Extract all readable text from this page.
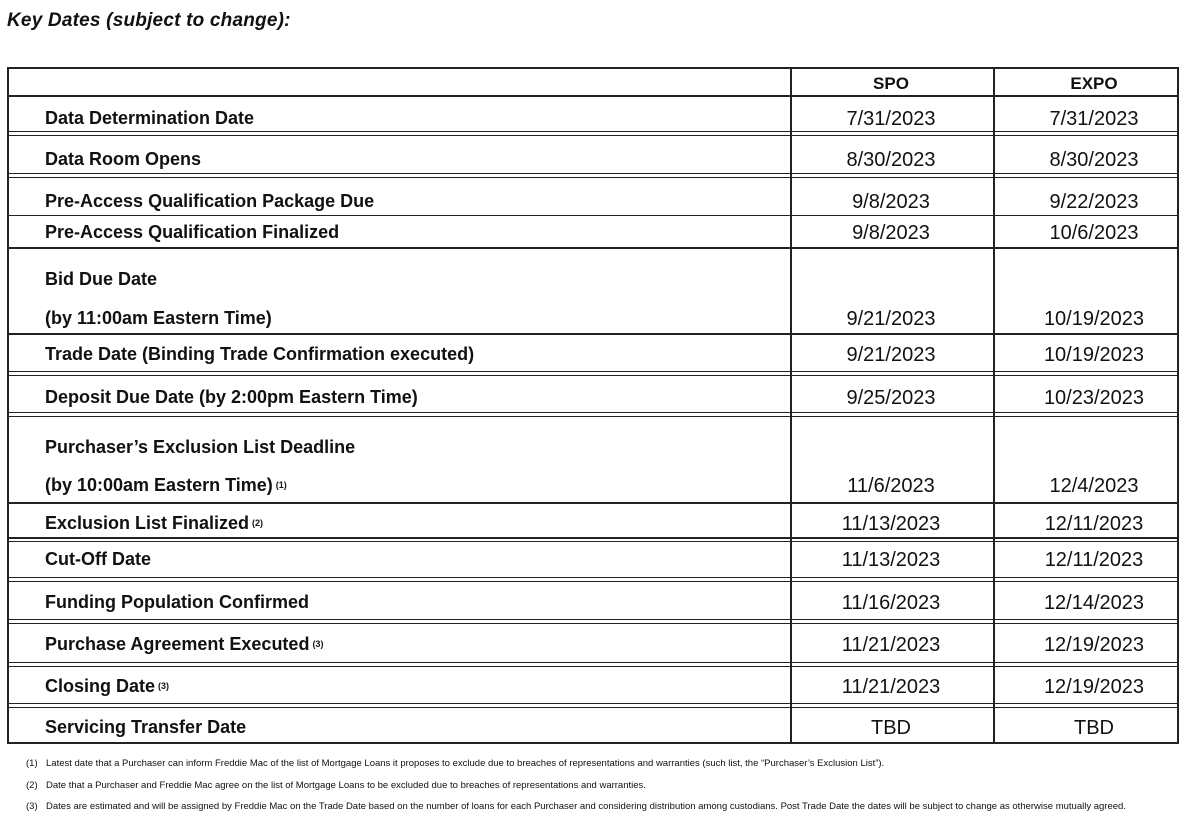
Key Dates (subject to change):
SPO	EXPO
Data Determination Date	7/31/2023	7/31/2023
Data Room Opens	8/30/2023	8/30/2023
Pre-Access Qualification Package Due	9/8/2023	9/22/2023
Pre-Access Qualification Finalized	9/8/2023	10/6/2023
Bid Due Date
(by 11:00am Eastern Time)	9/21/2023	10/19/2023
Trade Date (Binding Trade Confirmation executed)	9/21/2023	10/19/2023
Deposit Due Date (by 2:00pm Eastern Time)	9/25/2023	10/23/2023
Purchaser’s Exclusion List Deadline
(by 10:00am Eastern Time) $^{(1)}$	11/6/2023	12/4/2023
Exclusion List Finalized $^{(2)}$	11/13/2023	12/11/2023
Cut-Off Date	11/13/2023	12/11/2023
Funding Population Confirmed	11/16/2023	12/14/2023
Purchase Agreement Executed $^{(3)}$	11/21/2023	12/19/2023
Closing Date $^{(3)}$	11/21/2023	12/19/2023
Servicing Transfer Date	TBD	TBD
(1) Latest date that a Purchaser can inform Freddie Mac of the list of Mortgage Loans it proposes to exclude due to breaches of representations and warranties (such list, the “Purchaser’s Exclusion List”).
(2) Date that a Purchaser and Freddie Mac agree on the list of Mortgage Loans to be excluded due to breaches of representations and warranties.
(3) Dates are estimated and will be assigned by Freddie Mac on the Trade Date based on the number of loans for each Purchaser and considering distribution among custodians. Post Trade Date the dates will be subject to change as otherwise mutually agreed.
